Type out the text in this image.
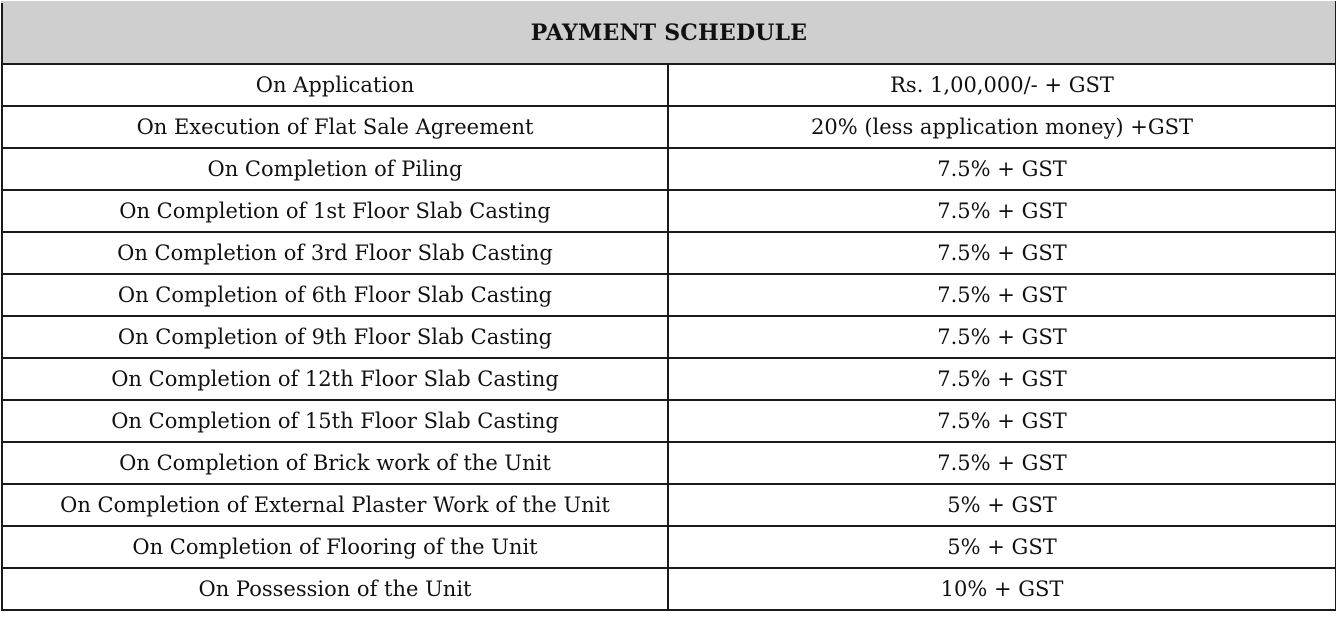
PAYMENT SCHEDULE	
On Application	Rs. 1,00,000/- + GST
On Execution of Flat Sale Agreement	20% (less application money) +GST
On Completion of Piling	7.5% + GST
On Completion of 1st Floor Slab Casting	7.5% + GST
On Completion of 3rd Floor Slab Casting	7.5% + GST
On Completion of 6th Floor Slab Casting	7.5% + GST
On Completion of 9th Floor Slab Casting	7.5% + GST
On Completion of 12th Floor Slab Casting	7.5% + GST
On Completion of 15th Floor Slab Casting	7.5% + GST
On Completion of Brick work of the Unit	7.5% + GST
On Completion of External Plaster Work of the Unit	5% + GST
On Completion of Flooring of the Unit	5% + GST
On Possession of the Unit	10% + GST
